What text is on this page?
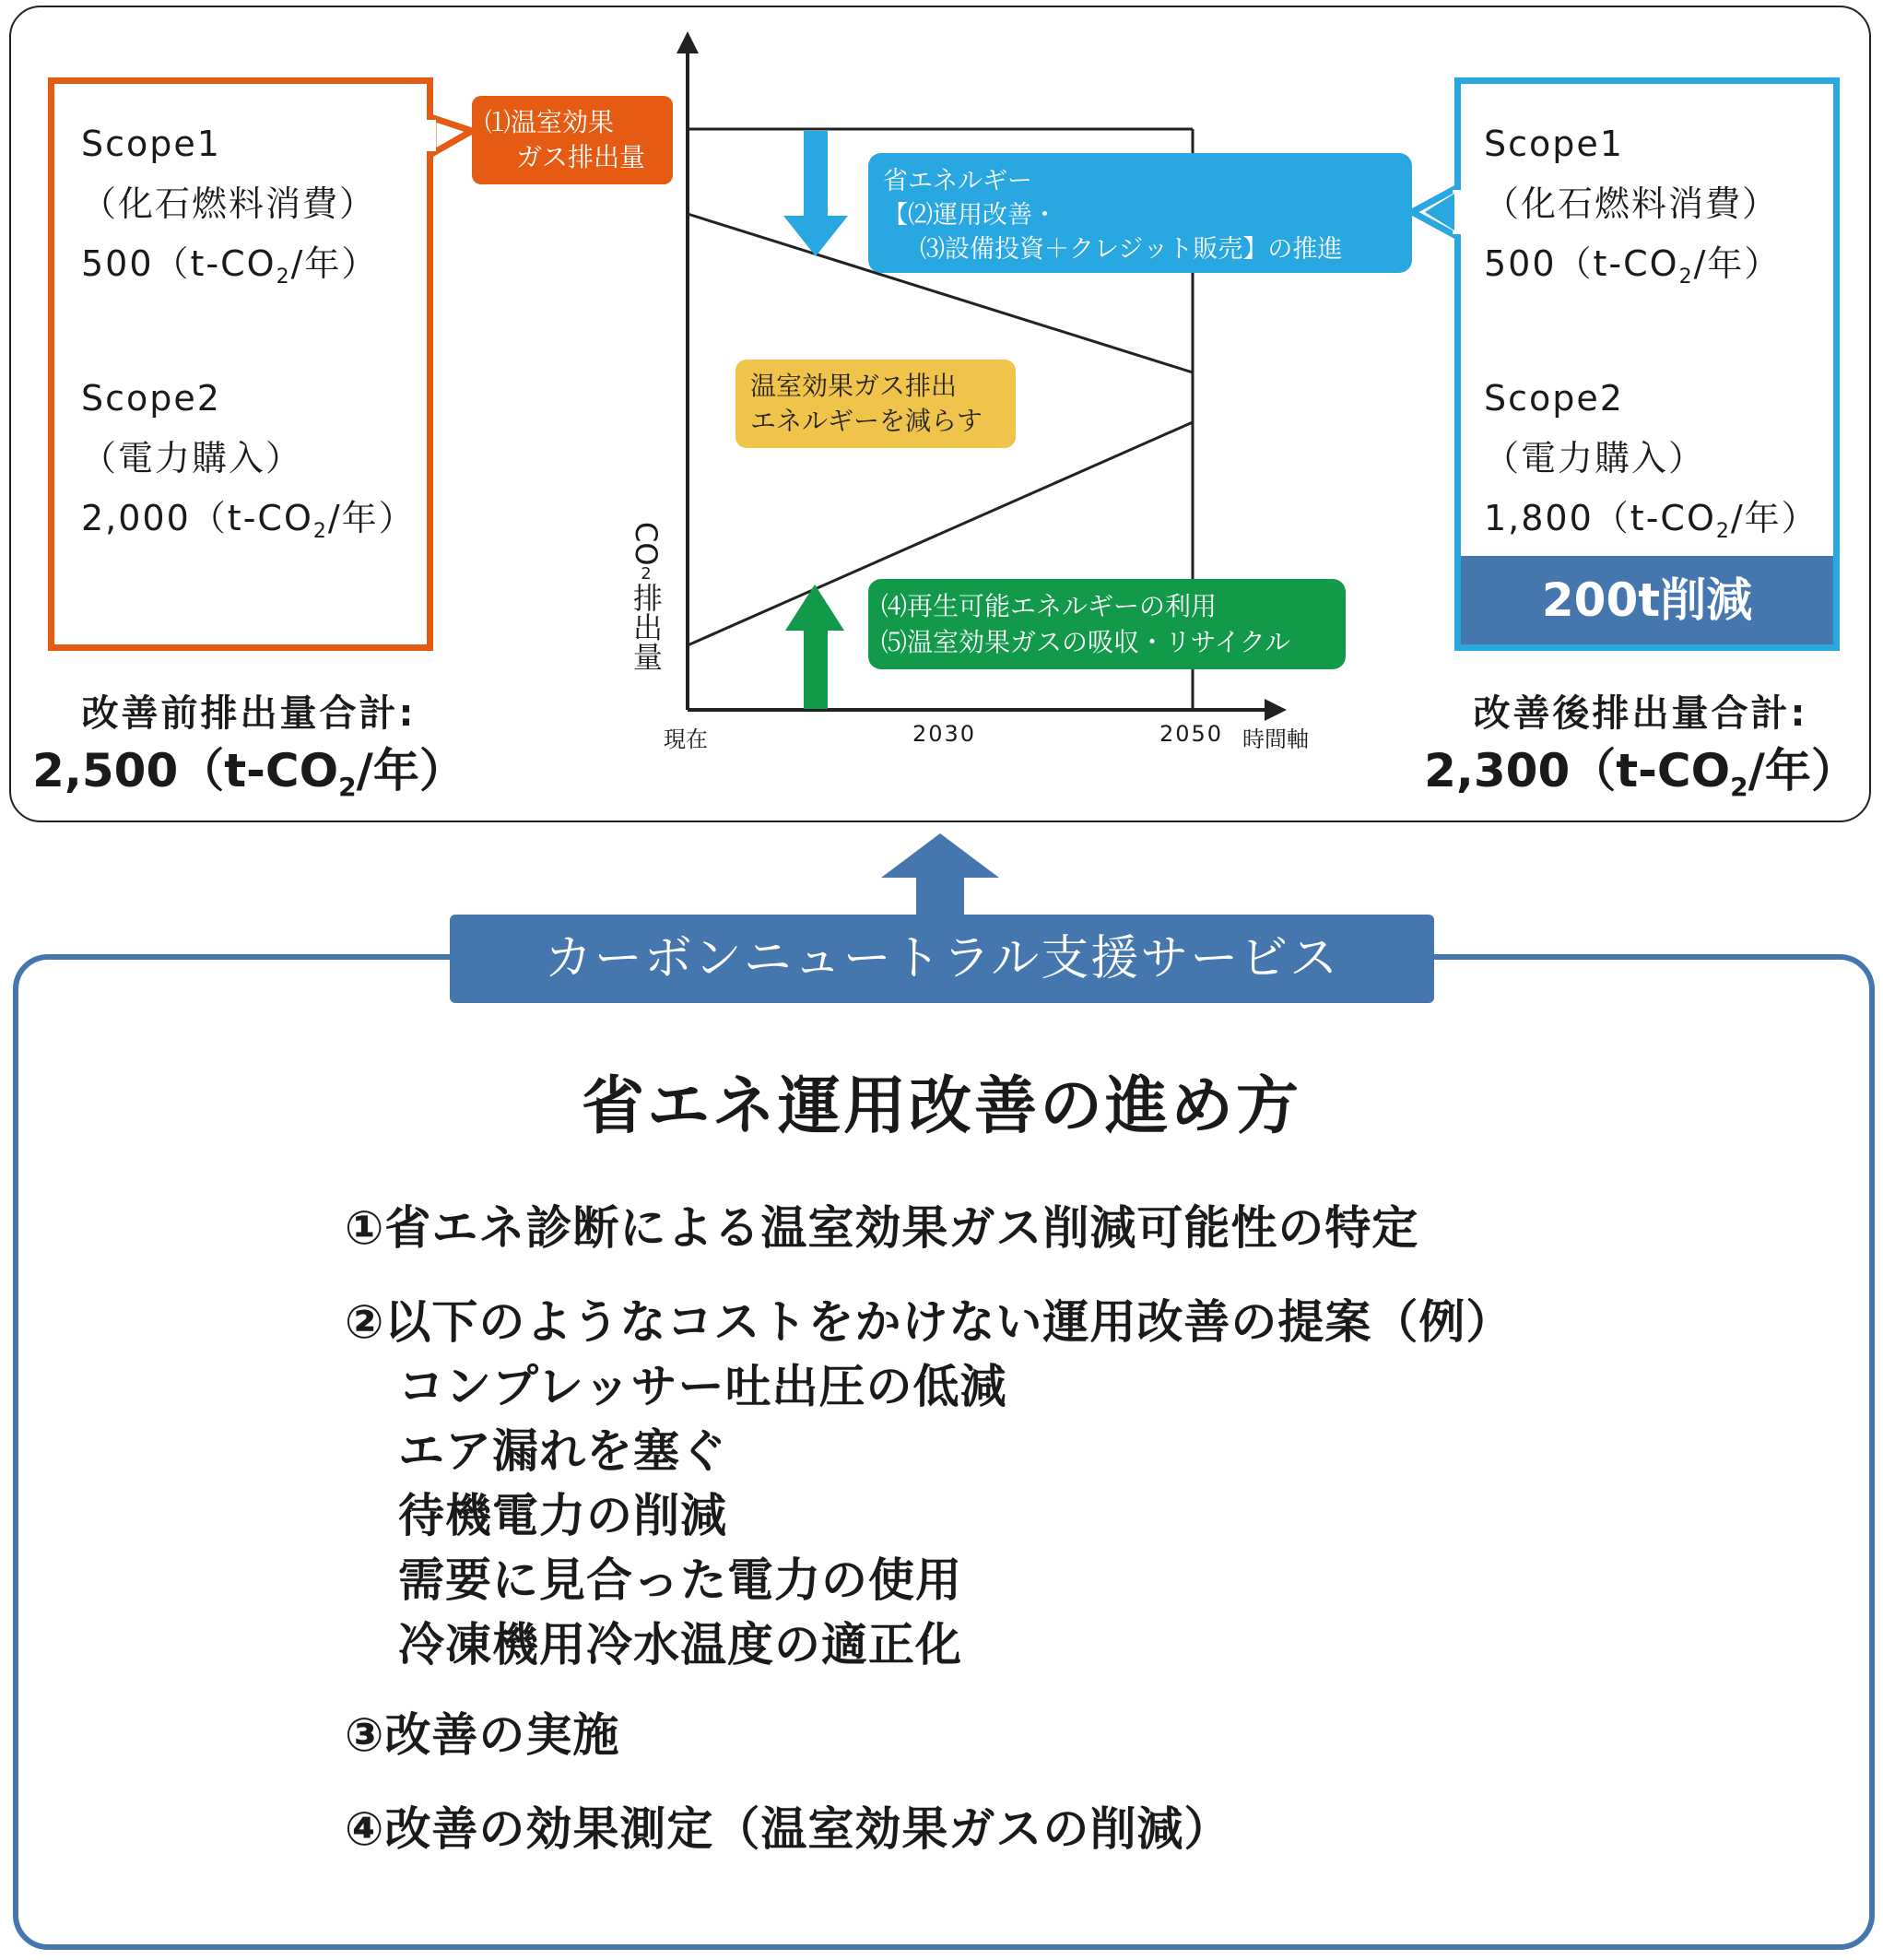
Scope1
（化石燃料消費）
$500(t-CO_2/$年）
Scope2
（電力購入）
$2,000(t-CO_2/$年）
改善前排出量合計:
$2,500(t-CO_2/$年）
Scope1
（化石燃料消費）
$500(t-CO_2/$年）
Scope2
（電力購入）
$1,800(t-CO_2/$年）
200t削減
改善後排出量合計:
$2,300(t-CO_2/$年）
CO
2
排出量
現在	2030	2050 時間軸
⑴温室効果
ガス排出量
省エネルギー
【⑵運用改善・
⑶設備投資＋クレジット販売】の推進
温室効果ガス排出
エネルギーを減らす
⑷再生可能エネルギーの利用
⑸温室効果ガスの吸収・リサイクル
カーボンニュートラル支援サービス
省エネ運用改善の進め方
①省エネ診断による温室効果ガス削減可能性の特定
②以下のようなコストをかけない運用改善の提案（例）
コンプレッサー吐出圧の低減
エア漏れを塞ぐ
待機電力の削減
需要に見合った電力の使用
冷凍機用冷水温度の適正化
③改善の実施
④改善の効果測定（温室効果ガスの削減）
